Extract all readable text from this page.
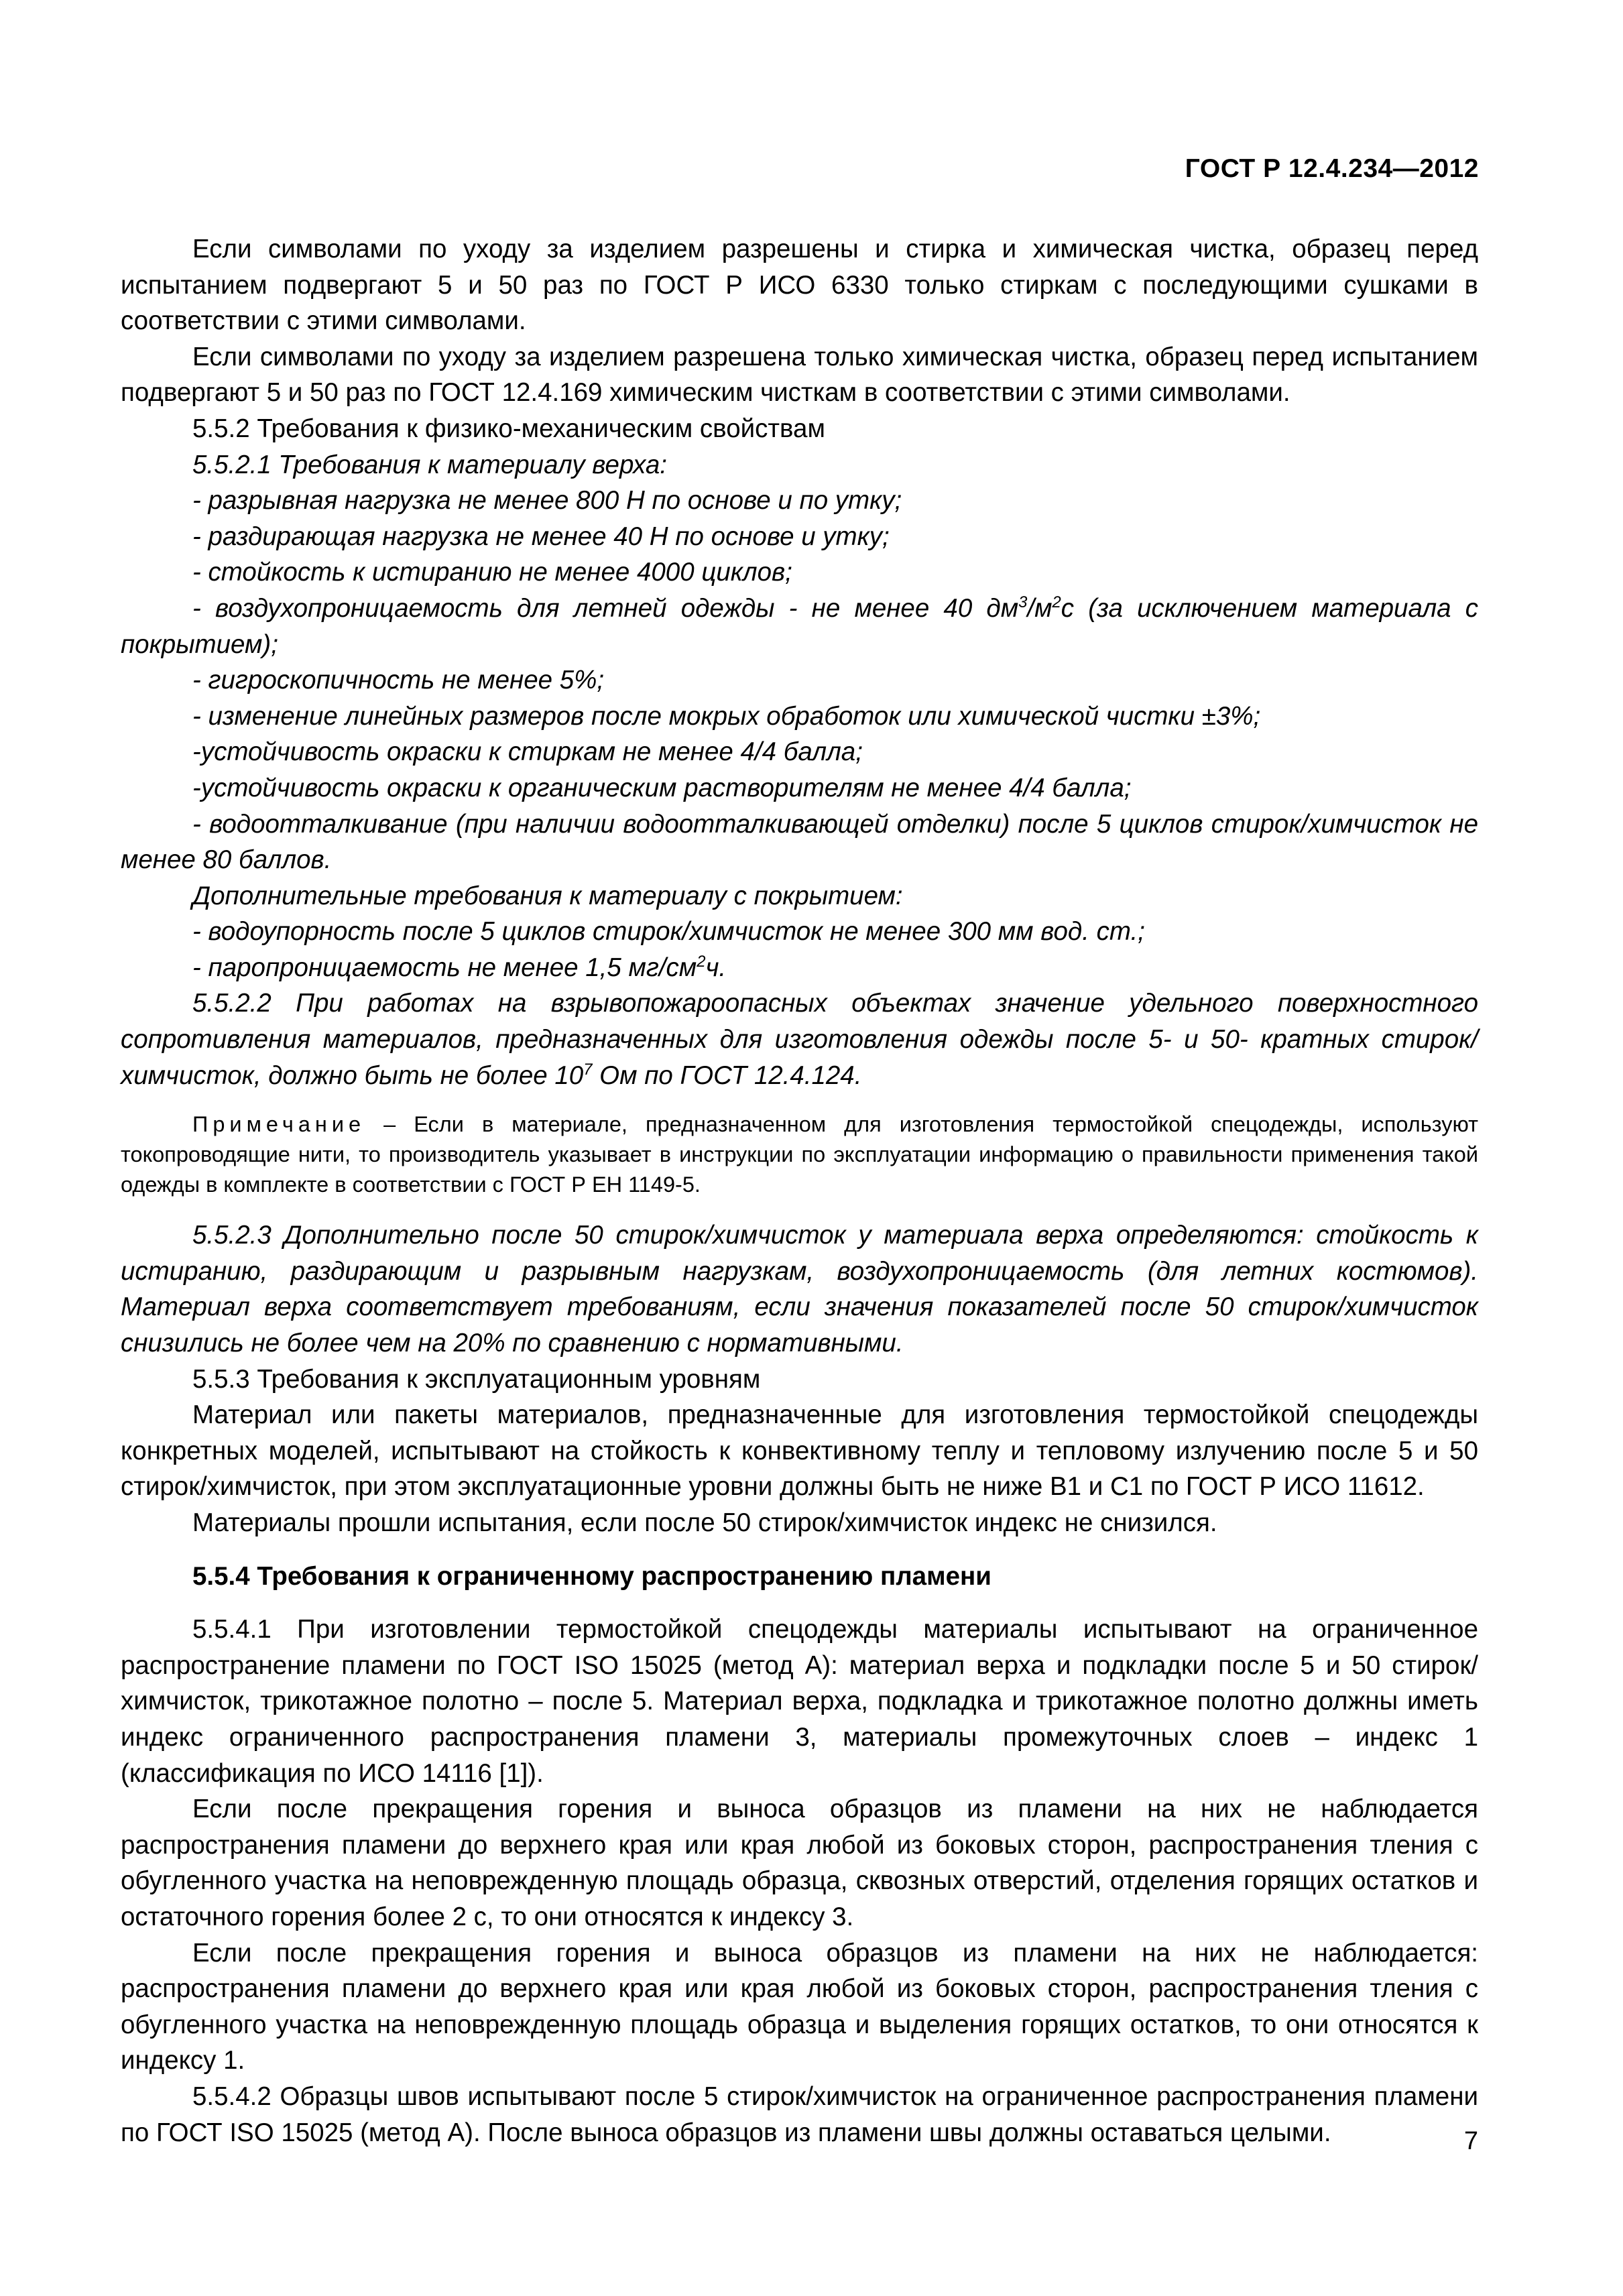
ГОСТ Р 12.4.234—2012

Если символами по уходу за изделием разрешены и стирка и химическая чистка, образец перед испытанием подвергают 5 и 50 раз по ГОСТ Р ИСО 6330 только стиркам с последующими сушками в соответствии с этими символами.

Если символами по уходу за изделием разрешена только химическая чистка, образец перед испытанием подвергают 5 и 50 раз по ГОСТ 12.4.169 химическим чисткам в соответствии с этими символами.

5.5.2 Требования к физико-механическим свойствам

5.5.2.1 Требования к материалу верха:

- разрывная нагрузка не менее 800 Н по основе и по утку;

- раздирающая нагрузка не менее 40 Н по основе и утку;

- стойкость к истиранию не менее 4000 циклов;

- воздухопроницаемость для летней одежды - не менее 40 $дм^3/м^2с$ (за исключением материала с покрытием);

- гигроскопичность не менее 5%;

- изменение линейных размеров после мокрых обработок или химической чистки ±3%;

-устойчивость окраски к стиркам не менее 4/4 балла;

-устойчивость окраски к органическим растворителям не менее 4/4 балла;

- водоотталкивание (при наличии водоотталкивающей отделки) после 5 циклов стирок/химчисток не менее 80 баллов.

Дополнительные требования к материалу с покрытием:

- водоупорность после 5 циклов стирок/химчисток не менее 300 мм вод. ст.;

- паропроницаемость не менее 1,5 $мг/см^2ч$.

5.5.2.2 При работах на взрывопожароопасных объектах значение удельного поверхностного сопротивления материалов, предназначенных для изготовления одежды после 5- и 50- кратных стирок/химчисток, должно быть не более $10^7$ Ом по ГОСТ 12.4.124.

Примечание – Если в материале, предназначенном для изготовления термостойкой спецодежды, используют токопроводящие нити, то производитель указывает в инструкции по эксплуатации информацию о правильности применения такой одежды в комплекте в соответствии с ГОСТ Р ЕН 1149-5.

5.5.2.3 Дополнительно после 50 стирок/химчисток у материала верха определяются: стойкость к истиранию, раздирающим и разрывным нагрузкам, воздухопроницаемость (для летних костюмов). Материал верха соответствует требованиям, если значения показателей после 50 стирок/химчисток снизились не более чем на 20% по сравнению с нормативными.

5.5.3 Требования к эксплуатационным уровням

Материал или пакеты материалов, предназначенные для изготовления термостойкой спецодежды конкретных моделей, испытывают на стойкость к конвективному теплу и тепловому излучению после 5 и 50 стирок/химчисток, при этом эксплуатационные уровни должны быть не ниже В1 и С1 по ГОСТ Р ИСО 11612.

Материалы прошли испытания, если после 50 стирок/химчисток индекс не снизился.

5.5.4 Требования к ограниченному распространению пламени

5.5.4.1 При изготовлении термостойкой спецодежды материалы испытывают на ограниченное распространение пламени по ГОСТ ISO 15025 (метод А): материал верха и подкладки после 5 и 50 стирок/ химчисток, трикотажное полотно – после 5. Материал верха, подкладка и трикотажное полотно должны иметь индекс ограниченного распространения пламени 3, материалы промежуточных слоев – индекс 1 (классификация по ИСО 14116 [1]).

Если после прекращения горения и выноса образцов из пламени на них не наблюдается распространения пламени до верхнего края или края любой из боковых сторон, распространения тления с обугленного участка на неповрежденную площадь образца, сквозных отверстий, отделения горящих остатков и остаточного горения более 2 с, то они относятся к индексу 3.

Если после прекращения горения и выноса образцов из пламени на них не наблюдается: распространения пламени до верхнего края или края любой из боковых сторон, распространения тления с обугленного участка на неповрежденную площадь образца и выделения горящих остатков, то они относятся к индексу 1.

5.5.4.2 Образцы швов испытывают после 5 стирок/химчисток на ограниченное распространения пламени по ГОСТ ISO 15025 (метод А). После выноса образцов из пламени швы должны оставаться целыми.	7
